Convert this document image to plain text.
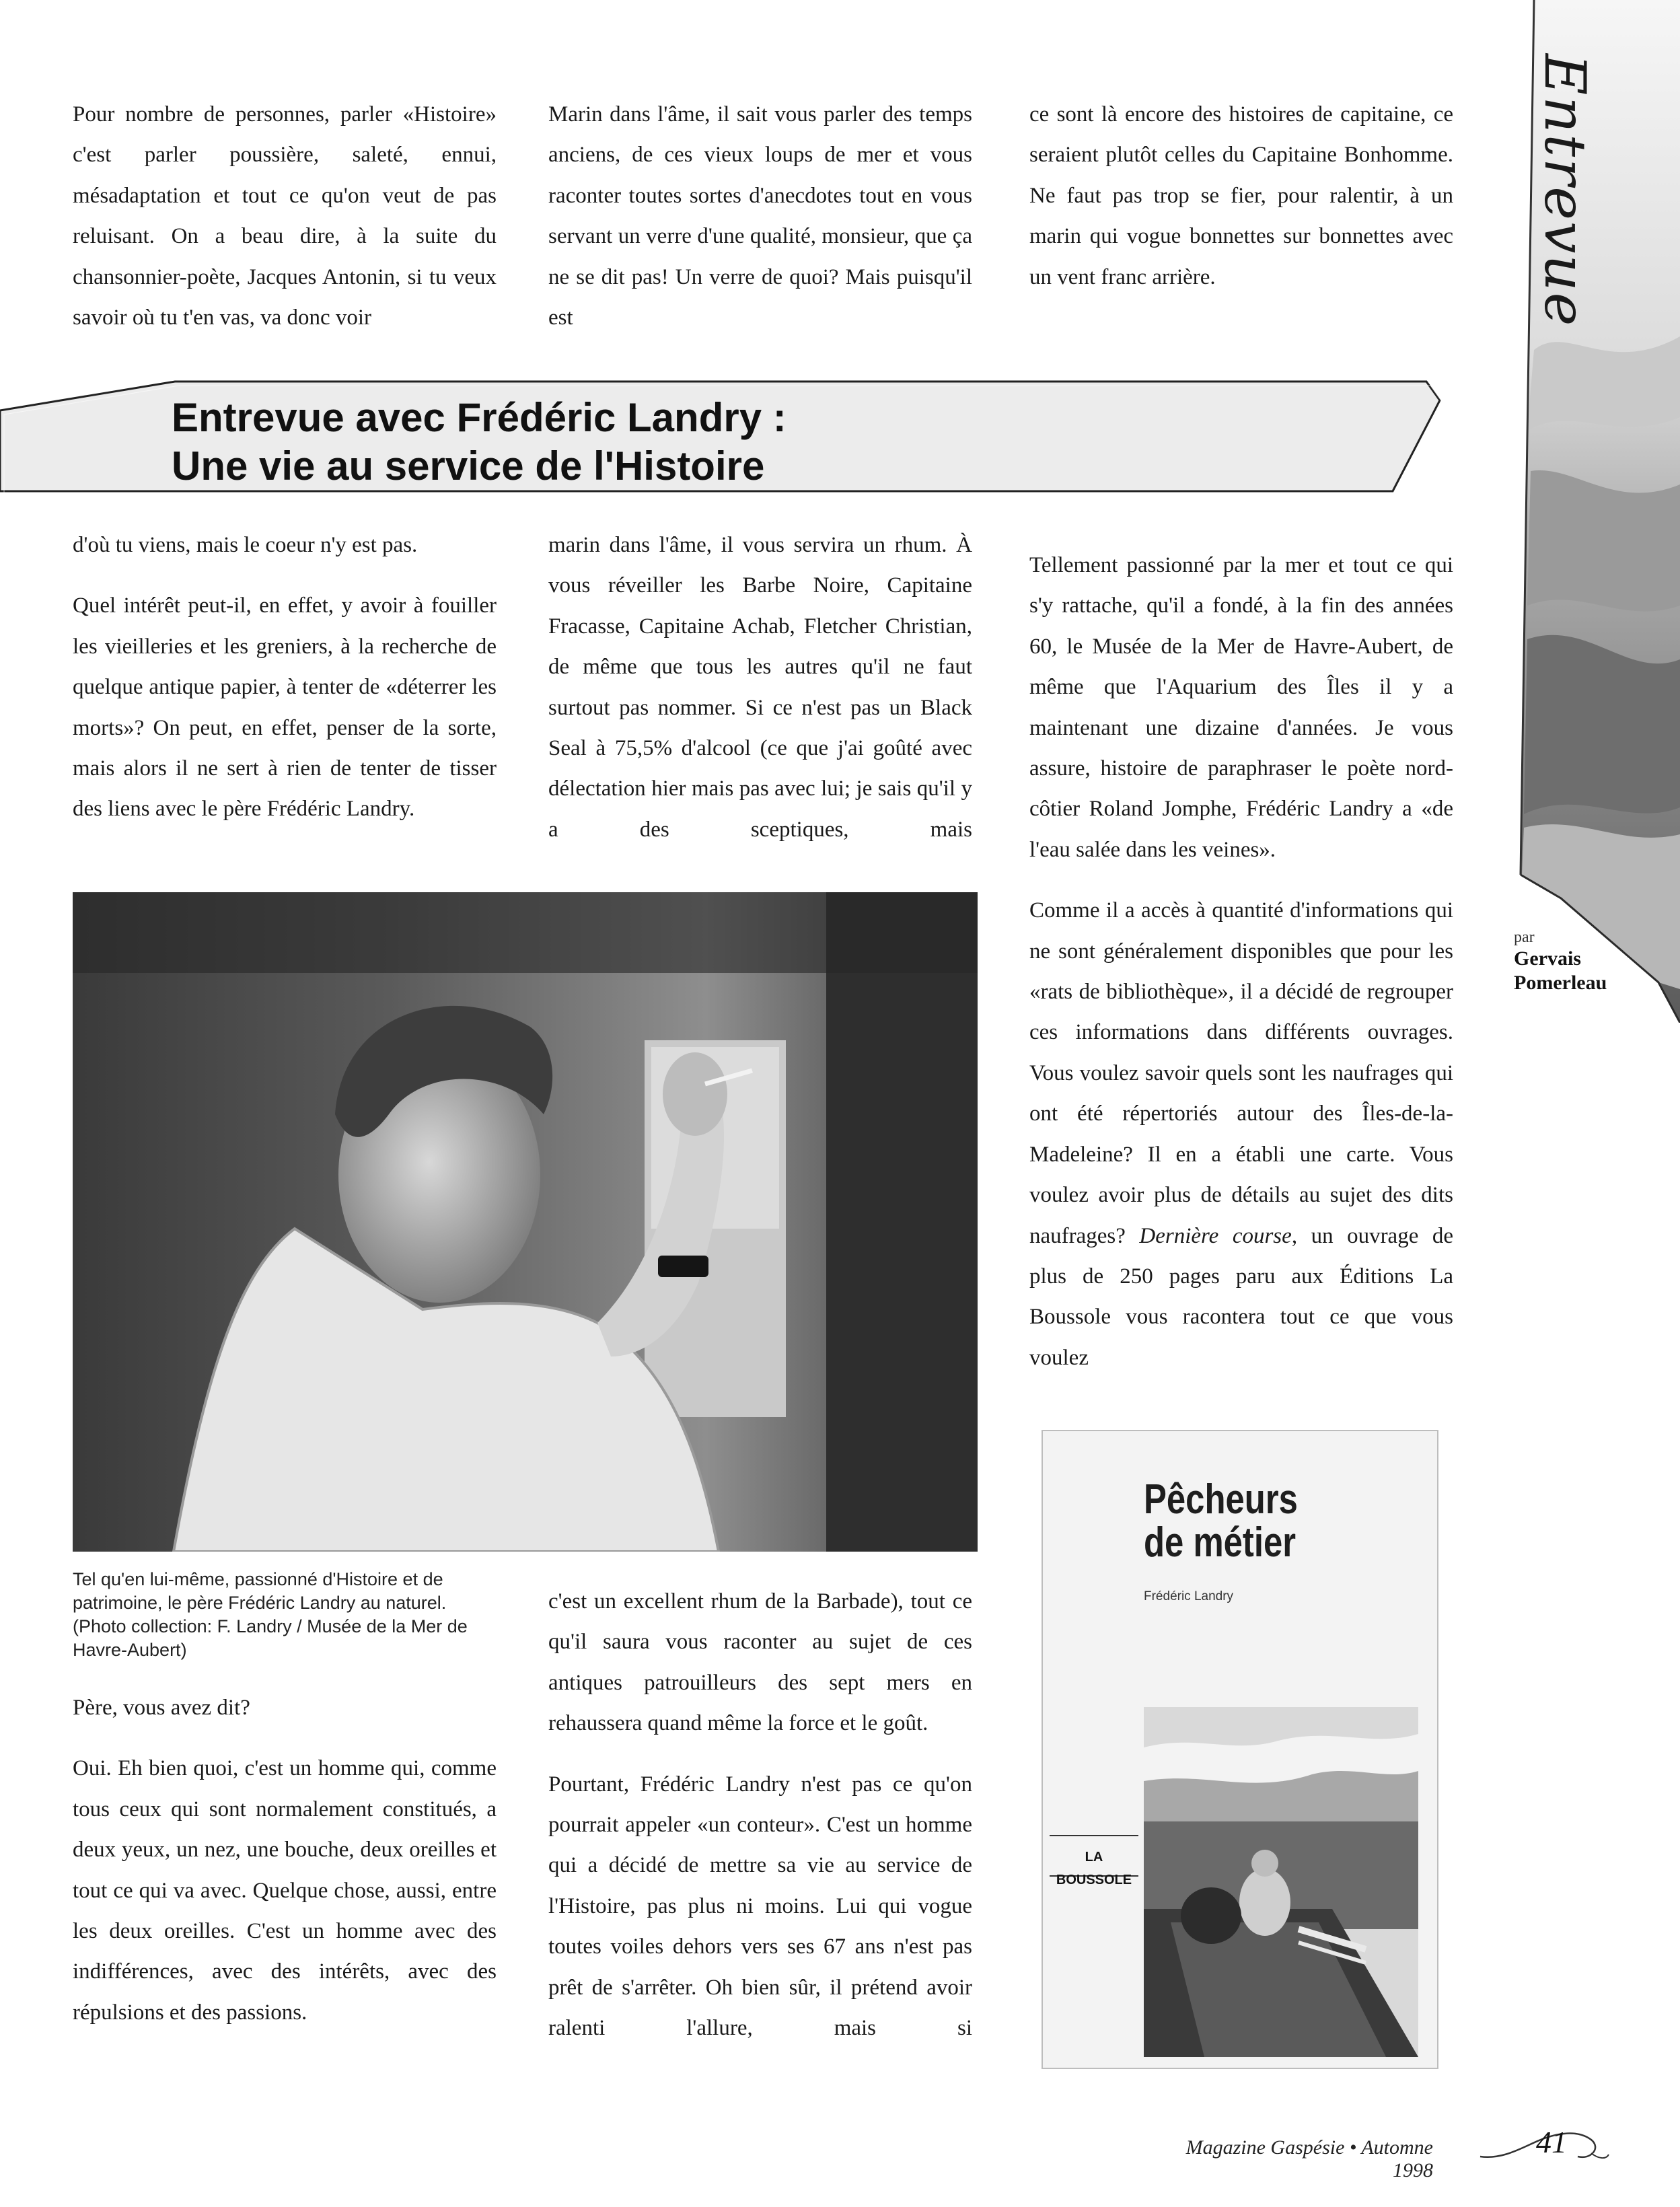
Entrevue
par
Gervais Pomerleau

Pour nombre de personnes, parler «Histoire» c'est parler poussière, saleté, ennui, mésadaptation et tout ce qu'on veut de pas reluisant. On a beau dire, à la suite du chansonnier-poète, Jacques Antonin, si tu veux savoir où tu t'en vas, va donc voir

Marin dans l'âme, il sait vous parler des temps anciens, de ces vieux loups de mer et vous raconter toutes sortes d'anecdotes tout en vous servant un verre d'une qualité, monsieur, que ça ne se dit pas! Un verre de quoi? Mais puisqu'il est

ce sont là encore des histoires de capitaine, ce seraient plutôt celles du Capitaine Bonhomme. Ne faut pas trop se fier, pour ralentir, à un marin qui vogue bonnettes sur bonnettes avec un vent franc arrière.

Entrevue avec Frédéric Landry :
Une vie au service de l'Histoire

d'où tu viens, mais le coeur n'y est pas.

Quel intérêt peut-il, en effet, y avoir à fouiller les vieilleries et les greniers, à la recherche de quelque antique papier, à tenter de «déterrer les morts»? On peut, en effet, penser de la sorte, mais alors il ne sert à rien de tenter de tisser des liens avec le père Frédéric Landry.

Père, vous avez dit?

Oui. Eh bien quoi, c'est un homme qui, comme tous ceux qui sont normalement constitués, a deux yeux, un nez, une bouche, deux oreilles et tout ce qui va avec. Quelque chose, aussi, entre les deux oreilles. C'est un homme avec des indifférences, avec des intérêts, avec des répulsions et des passions.

marin dans l'âme, il vous servira un rhum. À vous réveiller les Barbe Noire, Capitaine Fracasse, Capitaine Achab, Fletcher Christian, de même que tous les autres qu'il ne faut surtout pas nommer. Si ce n'est pas un Black Seal à 75,5% d'alcool (ce que j'ai goûté avec délectation hier mais pas avec lui; je sais qu'il y a des sceptiques, mais

c'est un excellent rhum de la Barbade), tout ce qu'il saura vous raconter au sujet de ces antiques patrouilleurs des sept mers en rehaussera quand même la force et le goût.

Pourtant, Frédéric Landry n'est pas ce qu'on pourrait appeler «un conteur». C'est un homme qui a décidé de mettre sa vie au service de l'Histoire, pas plus ni moins. Lui qui vogue toutes voiles dehors vers ses 67 ans n'est pas prêt de s'arrêter. Oh bien sûr, il prétend avoir ralenti l'allure, mais si

Tellement passionné par la mer et tout ce qui s'y rattache, qu'il a fondé, à la fin des années 60, le Musée de la Mer de Havre-Aubert, de même que l'Aquarium des Îles il y a maintenant une dizaine d'années. Je vous assure, histoire de paraphraser le poète nord-côtier Roland Jomphe, Frédéric Landry a «de l'eau salée dans les veines».

Comme il a accès à quantité d'informations qui ne sont généralement disponibles que pour les «rats de bibliothèque», il a décidé de regrouper ces informations dans différents ouvrages. Vous voulez savoir quels sont les naufrages qui ont été répertoriés autour des Îles-de-la-Madeleine? Il en a établi une carte. Vous voulez avoir plus de détails au sujet des dits naufrages? Dernière course, un ouvrage de plus de 250 pages paru aux Éditions La Boussole vous racontera tout ce que vous voulez

Tel qu'en lui-même, passionné d'Histoire et de patrimoine, le père Frédéric Landry au naturel. (Photo collection: F. Landry / Musée de la Mer de Havre-Aubert)
Pêcheurs
de métier
Frédéric Landry
LA BOUSSOLE
Magazine Gaspésie • Automne 1998
41
